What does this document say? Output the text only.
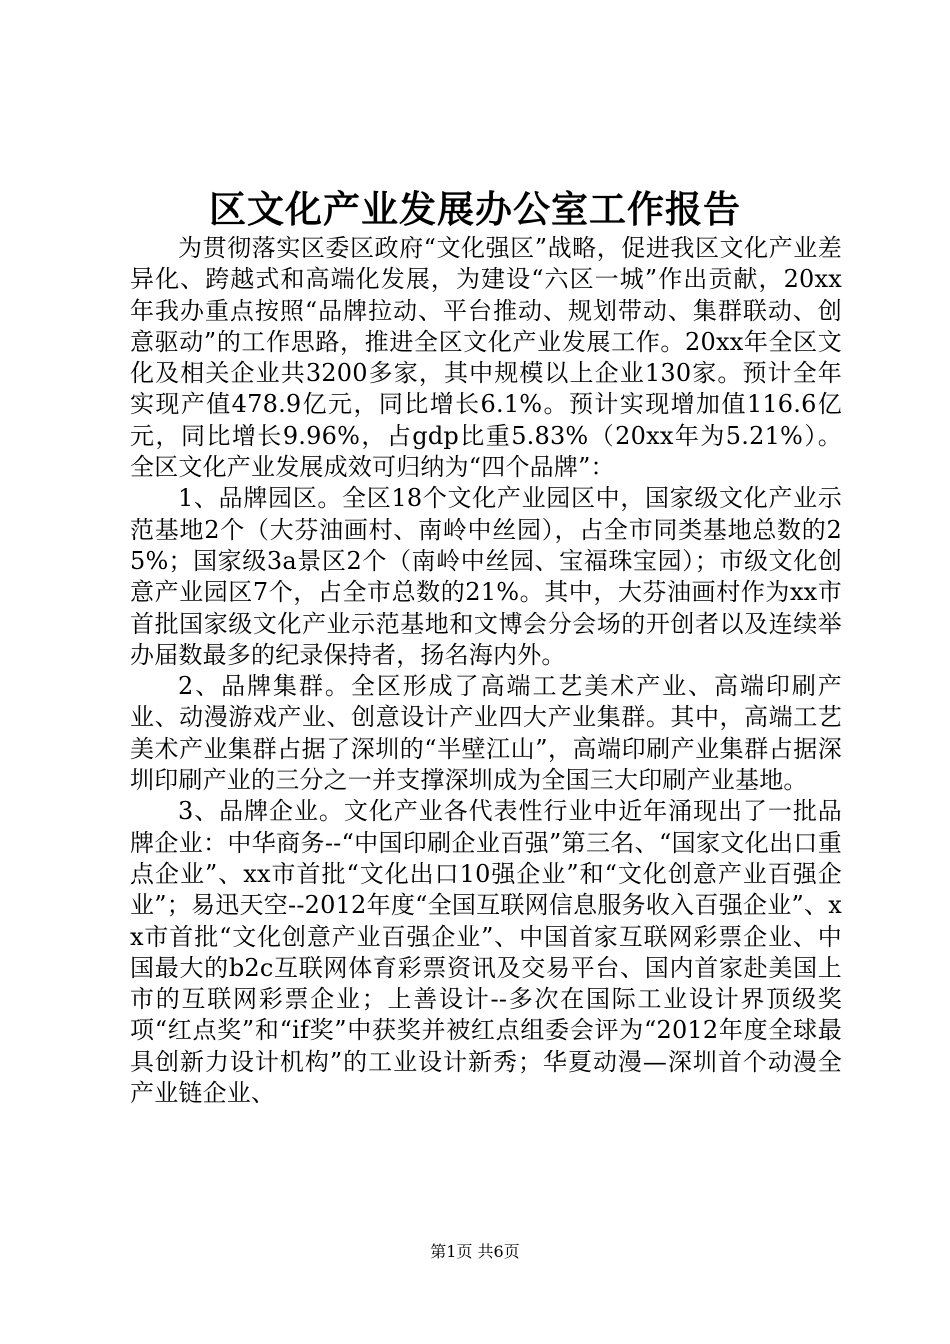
区文化产业发展办公室工作报告

为贯彻落实区委区政府“文化强区”战略，促进我区文化产业差异化、跨越式和高端化发展，为建设“六区一城”作出贡献，20xx年我办重点按照“品牌拉动、平台推动、规划带动、集群联动、创意驱动”的工作思路，推进全区文化产业发展工作。20xx年全区文化及相关企业共3200多家，其中规模以上企业130家。预计全年实现产值478.9亿元，同比增长6.1%。预计实现增加值116.6亿元，同比增长9.96%，占gdp比重5.83%（20xx年为5.21%）。全区文化产业发展成效可归纳为“四个品牌”：

1、品牌园区。全区18个文化产业园区中，国家级文化产业示范基地2个（大芬油画村、南岭中丝园），占全市同类基地总数的25%；国家级3a景区2个（南岭中丝园、宝福珠宝园）；市级文化创意产业园区7个，占全市总数的21%。其中，大芬油画村作为xx市首批国家级文化产业示范基地和文博会分会场的开创者以及连续举办届数最多的纪录保持者，扬名海内外。

2、品牌集群。全区形成了高端工艺美术产业、高端印刷产业、动漫游戏产业、创意设计产业四大产业集群。其中，高端工艺美术产业集群占据了深圳的“半壁江山”，高端印刷产业集群占据深圳印刷产业的三分之一并支撑深圳成为全国三大印刷产业基地。

3、品牌企业。文化产业各代表性行业中近年涌现出了一批品牌企业：中华商务--“中国印刷企业百强”第三名、“国家文化出口重点企业”、xx市首批“文化出口10强企业”和“文化创意产业百强企业”；易迅天空--2012年度“全国互联网信息服务收入百强企业”、xx市首批“文化创意产业百强企业”、中国首家互联网彩票企业、中国最大的b2c互联网体育彩票资讯及交易平台、国内首家赴美国上市的互联网彩票企业；上善设计--多次在国际工业设计界顶级奖项“红点奖”和“if奖”中获奖并被红点组委会评为“2012年度全球最具创新力设计机构”的工业设计新秀；华夏动漫—深圳首个动漫全产业链企业、

第1页 共6页
